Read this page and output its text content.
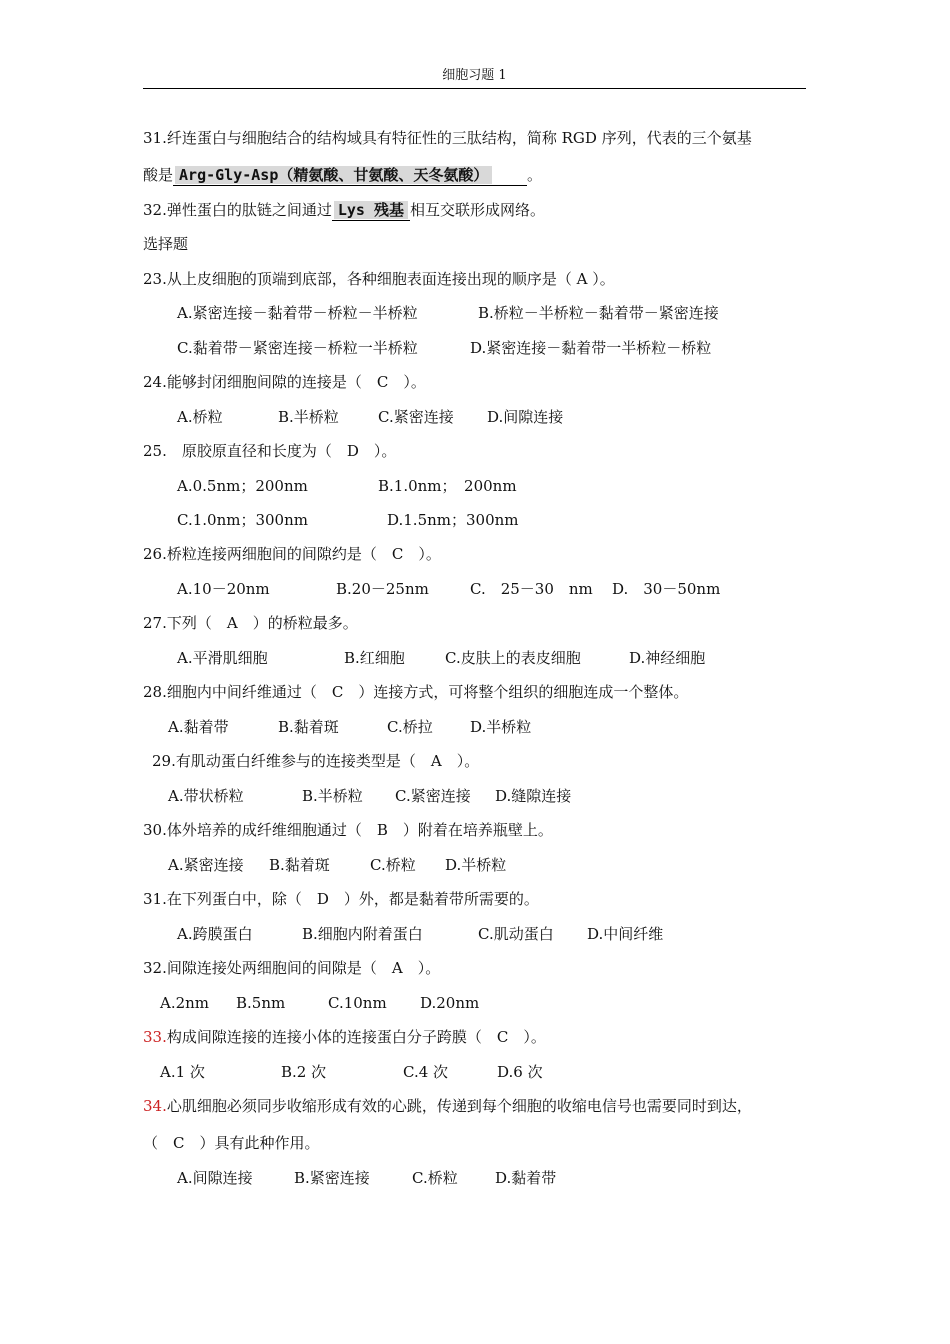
细胞习题 1
31.纤连蛋白与细胞结合的结构域具有特征性的三肽结构，简称 RGD 序列，代表的三个氨基
酸是 Arg-Gly-Asp（精氨酸、甘氨酸、天冬氨酸）	。
32.弹性蛋白的肽链之间通过 Lys 残基 相互交联形成网络。
选择题
23.从上皮细胞的顶端到底部，各种细胞表面连接出现的顺序是（ A ）。
A.紧密连接－黏着带－桥粒－半桥粒	B.桥粒－半桥粒－黏着带－紧密连接
C.黏着带－紧密连接－桥粒一半桥粒	D.紧密连接－黏着带一半桥粒－桥粒
24.能够封闭细胞间隙的连接是（　C　）。
A.桥粒	B.半桥粒	C.紧密连接 D.间隙连接
25.　原胶原直径和长度为（　D　）。
A.0.5nm；200nm	B.1.0nm；　200nm
C.1.0nm；300nm	D.1.5nm；300nm
26.桥粒连接两细胞间的间隙约是（　C　）。
A.10－20nm	B.20－25nm	C.　25－30　nm D.　30－50nm
27.下列（　A　）的桥粒最多。
A.平滑肌细胞	B.红细胞	C.皮肤上的表皮细胞	D.神经细胞
28.细胞内中间纤维通过（　C　）连接方式，可将整个组织的细胞连成一个整体。
A.黏着带	B.黏着斑	C.桥拉 D.半桥粒
29.有肌动蛋白纤维参与的连接类型是（　A　）。
A.带状桥粒	B.半桥粒 C.紧密连接 D.缝隙连接
30.体外培养的成纤维细胞通过（　B　）附着在培养瓶壁上。
A.紧密连接 B.黏着斑	C.桥粒 D.半桥粒
31.在下列蛋白中，除（　D　）外，都是黏着带所需要的。
A.跨膜蛋白	B.细胞内附着蛋白	C.肌动蛋白 D.中间纤维
32.间隙连接处两细胞间的间隙是（　A　）。
A.2nm B.5nm	C.10nm D.20nm
33.构成间隙连接的连接小体的连接蛋白分子跨膜（　C　）。
A.1 次	B.2 次	C.4 次	D.6 次
34.心肌细胞必须同步收缩形成有效的心跳，传递到每个细胞的收缩电信号也需要同时到达，
（　C　）具有此种作用。
A.间隙连接	B.紧密连接	C.桥粒 D.黏着带
